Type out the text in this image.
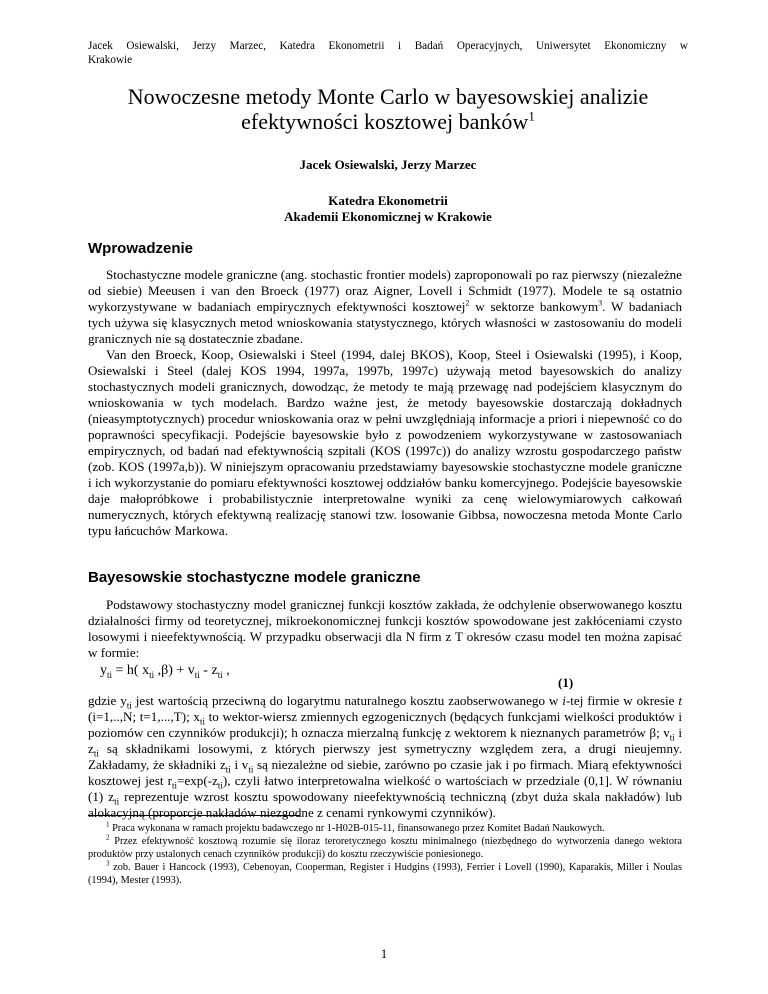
Jacek Osiewalski, Jerzy Marzec, Katedra Ekonometrii i Badań Operacyjnych, Uniwersytet Ekonomiczny w
Krakowie
Nowoczesne metody Monte Carlo w bayesowskiej analizie
efektywności kosztowej banków$^1$
Jacek Osiewalski, Jerzy Marzec
Katedra Ekonometrii
Akademii Ekonomicznej w Krakowie
Wprowadzenie

Stochastyczne modele graniczne (ang. stochastic frontier models) zaproponowali po raz pierwszy (niezależne od siebie) Meeusen i van den Broeck (1977) oraz Aigner, Lovell i Schmidt (1977). Modele te są ostatnio wykorzystywane w badaniach empirycznych efektywności kosztowej$^2$ w sektorze bankowym$^3$. W badaniach tych używa się klasycznych metod wnioskowania statystycznego, których własności w zastosowaniu do modeli granicznych nie są dostatecznie zbadane.

Van den Broeck, Koop, Osiewalski i Steel (1994, dalej BKOS), Koop, Steel i Osiewalski (1995), i Koop, Osiewalski i Steel (dalej KOS 1994, 1997a, 1997b, 1997c) używają metod bayesowskich do analizy stochastycznych modeli granicznych, dowodząc, że metody te mają przewagę nad podejściem klasycznym do wnioskowania w tych modelach. Bardzo ważne jest, że metody bayesowskie dostarczają dokładnych (nieasymptotycznych) procedur wnioskowania oraz w pełni uwzględniają informacje a priori i niepewność co do poprawności specyfikacji. Podejście bayesowskie było z powodzeniem wykorzystywane w zastosowaniach empirycznych, od badań nad efektywnością szpitali (KOS (1997c)) do analizy wzrostu gospodarczego państw (zob. KOS (1997a,b)). W niniejszym opracowaniu przedstawiamy bayesowskie stochastyczne modele graniczne i ich wykorzystanie do pomiaru efektywności kosztowej oddziałów banku komercyjnego. Podejście bayesowskie daje małopróbkowe i probabilistycznie interpretowalne wyniki za cenę wielowymiarowych całkowań numerycznych, których efektywną realizację stanowi tzw. losowanie Gibbsa, nowoczesna metoda Monte Carlo typu łańcuchów Markowa.

Bayesowskie stochastyczne modele graniczne

Podstawowy stochastyczny model granicznej funkcji kosztów zakłada, że odchylenie obserwowanego kosztu działalności firmy od teoretycznej, mikroekonomicznej funkcji kosztów spowodowane jest zakłóceniami czysto losowymi i nieefektywnością. W przypadku obserwacji dla N firm z T okresów czasu model ten można zapisać w formie:

$y_{ti} = h$( $x_{ti}$ $,\beta) + v_{ti} - z_{ti}$ ,
(1)

gdzie $y_{ti}$ jest wartością przeciwną do logarytmu naturalnego kosztu zaobserwowanego w i-tej firmie w okresie t (i=1,..,N; t=1,...,T); $x_{ti}$ to wektor-wiersz zmiennych egzogenicznych (będących funkcjami wielkości produktów i poziomów cen czynników produkcji); h oznacza mierzalną funkcję z wektorem k nieznanych parametrów β; $v_{ti}$ i $z_{ti}$ są składnikami losowymi, z których pierwszy jest symetryczny względem zera, a drugi nieujemny. Zakładamy, że składniki $z_{ti}$ i $v_{ti}$ są niezależne od siebie, zarówno po czasie jak i po firmach. Miarą efektywności kosztowej jest $r_{ti}=\exp(-z_{ti})$, czyli łatwo interpretowalna wielkość o wartościach w przedziale (0,1]. W równaniu (1) $z_{ti}$ reprezentuje wzrost kosztu spowodowany nieefektywnością techniczną (zbyt duża skala nakładów) lub alokacyjną (proporcje nakładów niezgodne z cenami rynkowymi czynników).

$^1$ Praca wykonana w ramach projektu badawczego nr 1-H02B-015-11, finansowanego przez Komitet Badań Naukowych.

$^2$ Przez efektywność kosztową rozumie się iloraz teroretycznego kosztu minimalnego (niezbędnego do wytworzenia danego wektora produktów przy ustalonych cenach czynników produkcji) do kosztu rzeczywiście poniesionego.

$^3$ zob. Bauer i Hancock (1993), Cebenoyan, Cooperman, Register i Hudgins (1993), Ferrier i Lovell (1990), Kaparakis, Miller i Noulas (1994), Mester (1993).

1
